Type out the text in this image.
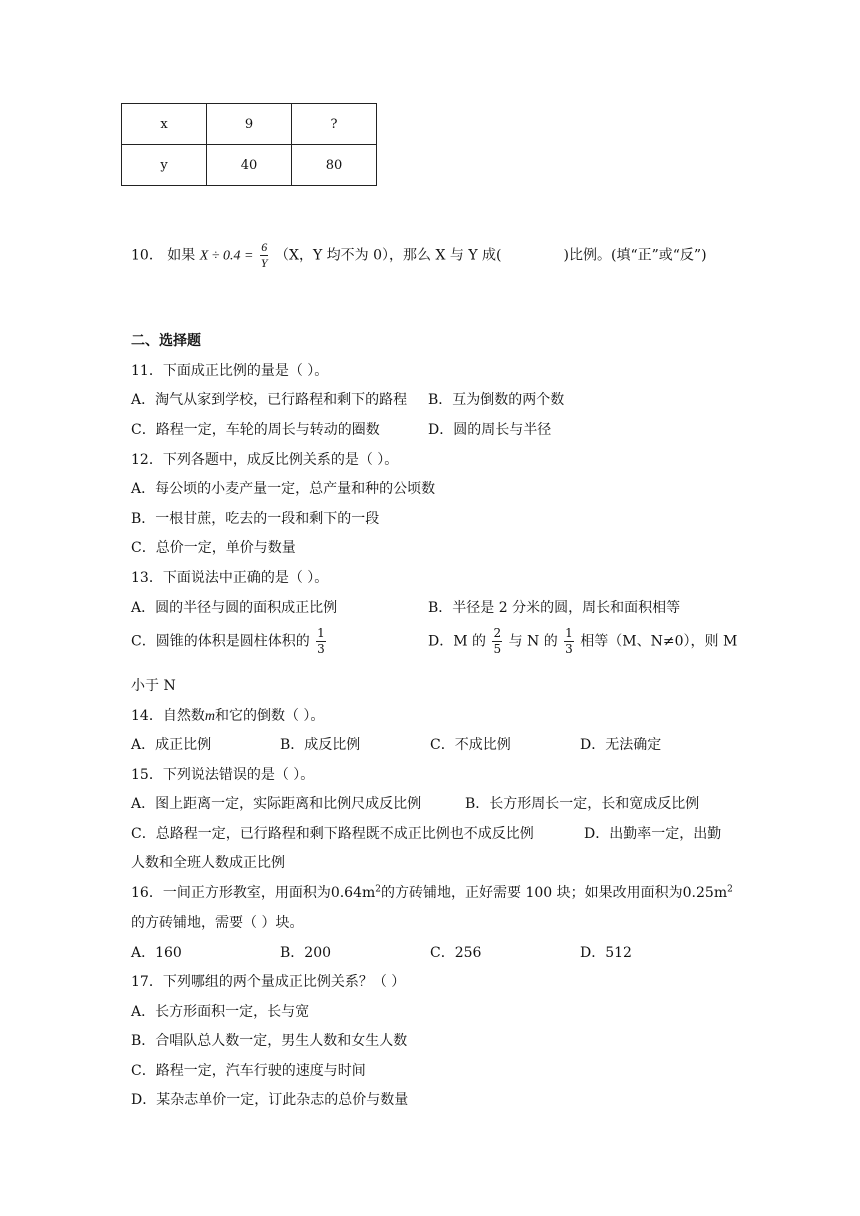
x	9	?
y	40	80
10． 如果 $X \div 0.4 = \frac{6}{Y} (X$，Y 均不为 0），那么 X 与 Y 成(	)比例。(填“正”或“反”)
二、选择题
11．下面成正比例的量是（ ）。
A．淘气从家到学校，已行路程和剩下的路程 B．互为倒数的两个数
C．路程一定，车轮的周长与转动的圈数	D．圆的周长与半径
12．下列各题中，成反比例关系的是（ ）。
A．每公顷的小麦产量一定，总产量和种的公顷数
B．一根甘蔗，吃去的一段和剩下的一段
C．总价一定，单价与数量
13．下面说法中正确的是（ ）。
A．圆的半径与圆的面积成正比例	B．半径是 2 分米的圆，周长和面积相等
C．圆锥的体积是圆柱体积的 $\frac{1}{3}$	D．M 的 $\frac{2}{5}$ 与 N 的 $\frac{1}{3}$ 相等（M、N≠0），则 M
小于 N
14．自然数m和它的倒数（ ）。
A．成正比例	B．成反比例	C．不成比例	D．无法确定
15．下列说法错误的是（ ）。
A．图上距离一定，实际距离和比例尺成反比例	B．长方形周长一定，长和宽成反比例
C．总路程一定，已行路程和剩下路程既不成正比例也不成反比例	D．出勤率一定，出勤
人数和全班人数成正比例
16．一间正方形教室，用面积为$0.64m^2$的方砖铺地，正好需要 100 块；如果改用面积为$0.25m^2$
的方砖铺地，需要（ ）块。
A．160	B．200	C．256	D．512
17．下列哪组的两个量成正比例关系？（ ）
A．长方形面积一定，长与宽
B．合唱队总人数一定，男生人数和女生人数
C．路程一定，汽车行驶的速度与时间
D．某杂志单价一定，订此杂志的总价与数量
